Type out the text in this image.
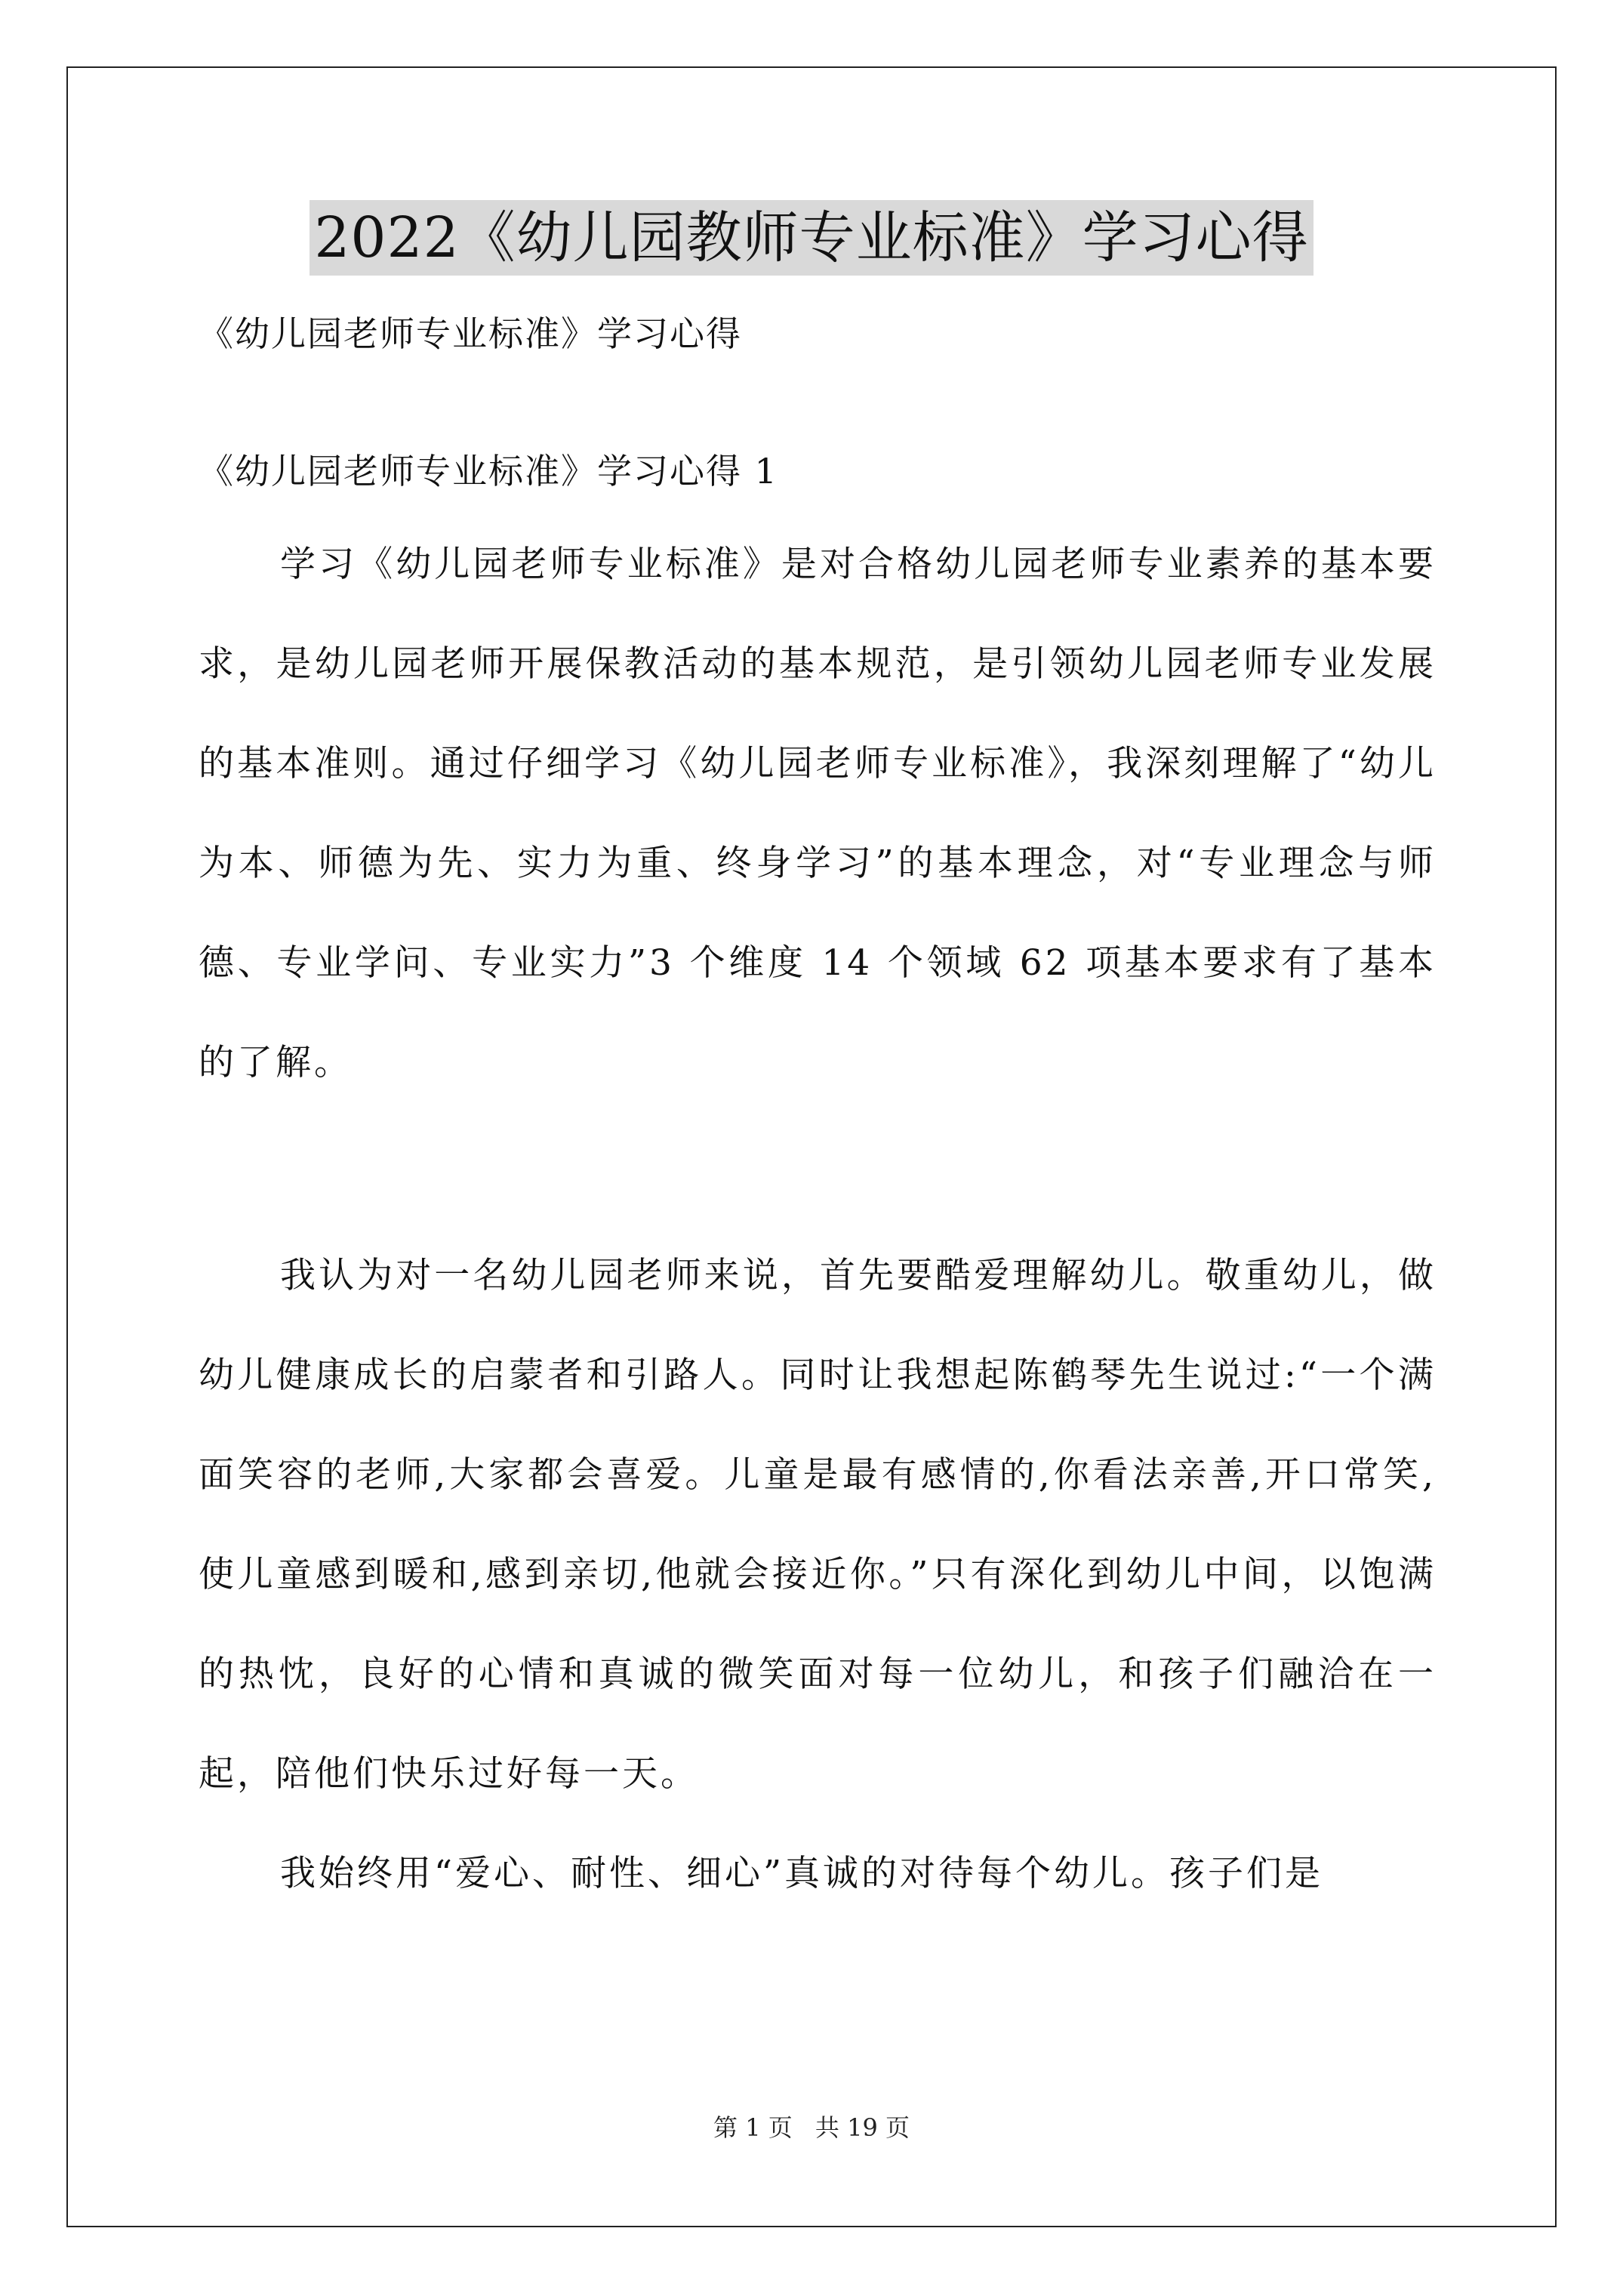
2022《幼儿园教师专业标准》学习心得

《幼儿园老师专业标准》学习心得

《幼儿园老师专业标准》学习心得 1

学习《幼儿园老师专业标准》是对合格幼儿园老师专业素养的基本要求，是幼儿园老师开展保教活动的基本规范，是引领幼儿园老师专业发展的基本准则。通过仔细学习《幼儿园老师专业标准》，我深刻理解了“幼儿为本、师德为先、实力为重、终身学习”的基本理念，对“专业理念与师德、专业学问、专业实力”3 个维度 14 个领域 62 项基本要求有了基本的了解。

我认为对一名幼儿园老师来说，首先要酷爱理解幼儿。敬重幼儿，做幼儿健康成长的启蒙者和引路人。同时让我想起陈鹤琴先生说过:“一个满面笑容的老师,大家都会喜爱。儿童是最有感情的,你看法亲善,开口常笑,使儿童感到暖和,感到亲切,他就会接近你。”只有深化到幼儿中间，以饱满的热忱，良好的心情和真诚的微笑面对每一位幼儿，和孩子们融洽在一起，陪他们快乐过好每一天。

我始终用“爱心、耐性、细心”真诚的对待每个幼儿。孩子们是

第 1 页 共 19 页
